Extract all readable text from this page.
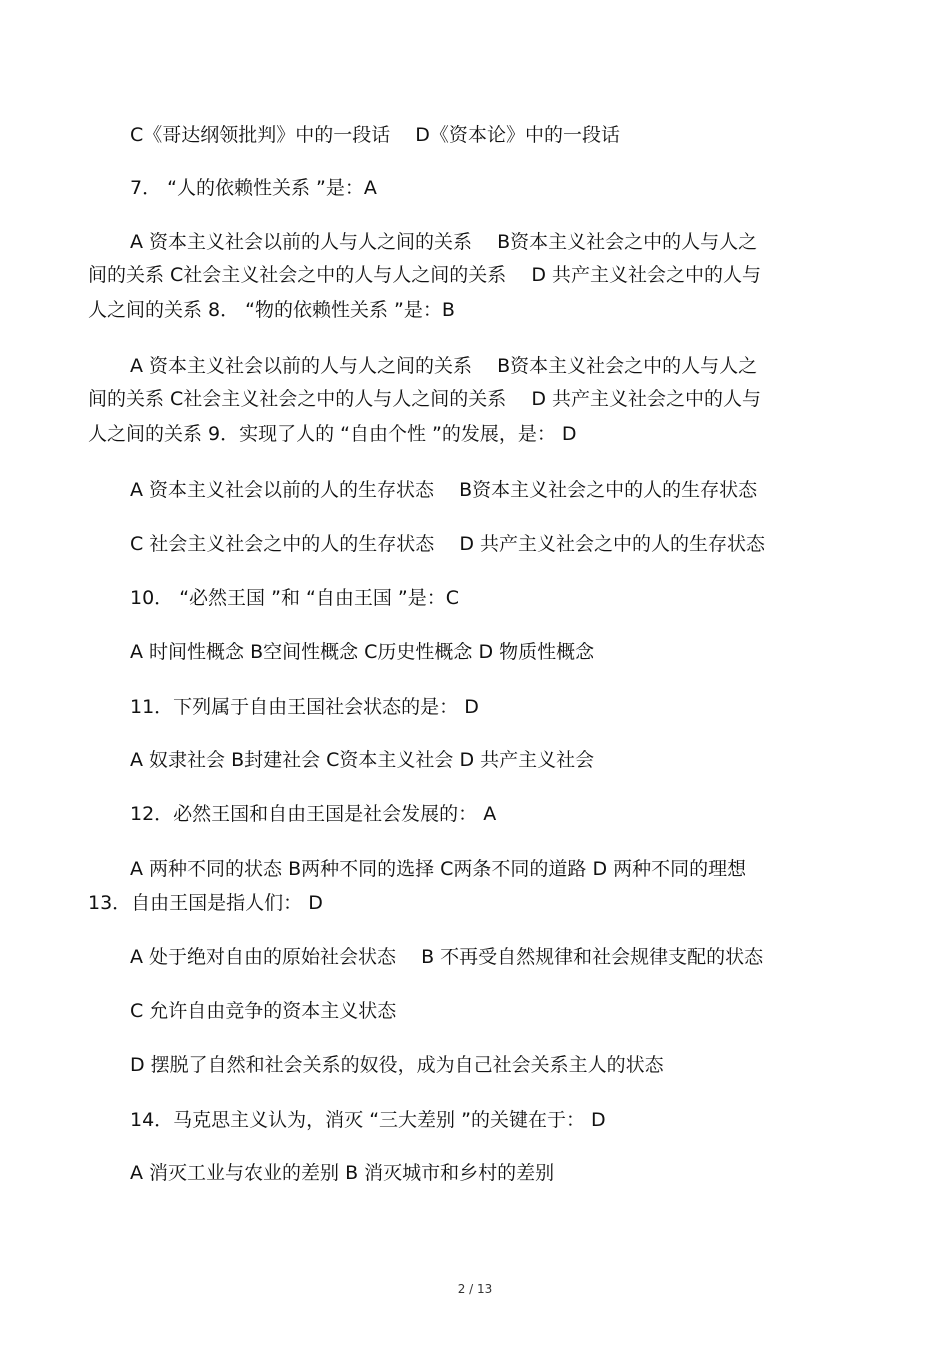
C《哥达纲领批判》中的一段话　 D《资本论》中的一段话
7． “人的依赖性关系 ”是：A
A 资本主义社会以前的人与人之间的关系　 B资本主义社会之中的人与人之
间的关系 C社会主义社会之中的人与人之间的关系　 D 共产主义社会之中的人与
人之间的关系 8． “物的依赖性关系 ”是：B
A 资本主义社会以前的人与人之间的关系　 B资本主义社会之中的人与人之
间的关系 C社会主义社会之中的人与人之间的关系　 D 共产主义社会之中的人与
人之间的关系 9．实现了人的 “自由个性 ”的发展，是： D
A 资本主义社会以前的人的生存状态　 B资本主义社会之中的人的生存状态
C 社会主义社会之中的人的生存状态　 D 共产主义社会之中的人的生存状态
10． “必然王国 ”和 “自由王国 ”是：C
A 时间性概念 B空间性概念 C历史性概念 D 物质性概念
11．下列属于自由王国社会状态的是： D
A 奴隶社会 B封建社会 C资本主义社会 D 共产主义社会
12．必然王国和自由王国是社会发展的： A
A 两种不同的状态 B两种不同的选择 C两条不同的道路 D 两种不同的理想
13．自由王国是指人们： D
A 处于绝对自由的原始社会状态　 B 不再受自然规律和社会规律支配的状态
C 允许自由竞争的资本主义状态
D 摆脱了自然和社会关系的奴役，成为自己社会关系主人的状态
14．马克思主义认为，消灭 “三大差别 ”的关键在于： D
A 消灭工业与农业的差别 B 消灭城市和乡村的差别
2 / 13
